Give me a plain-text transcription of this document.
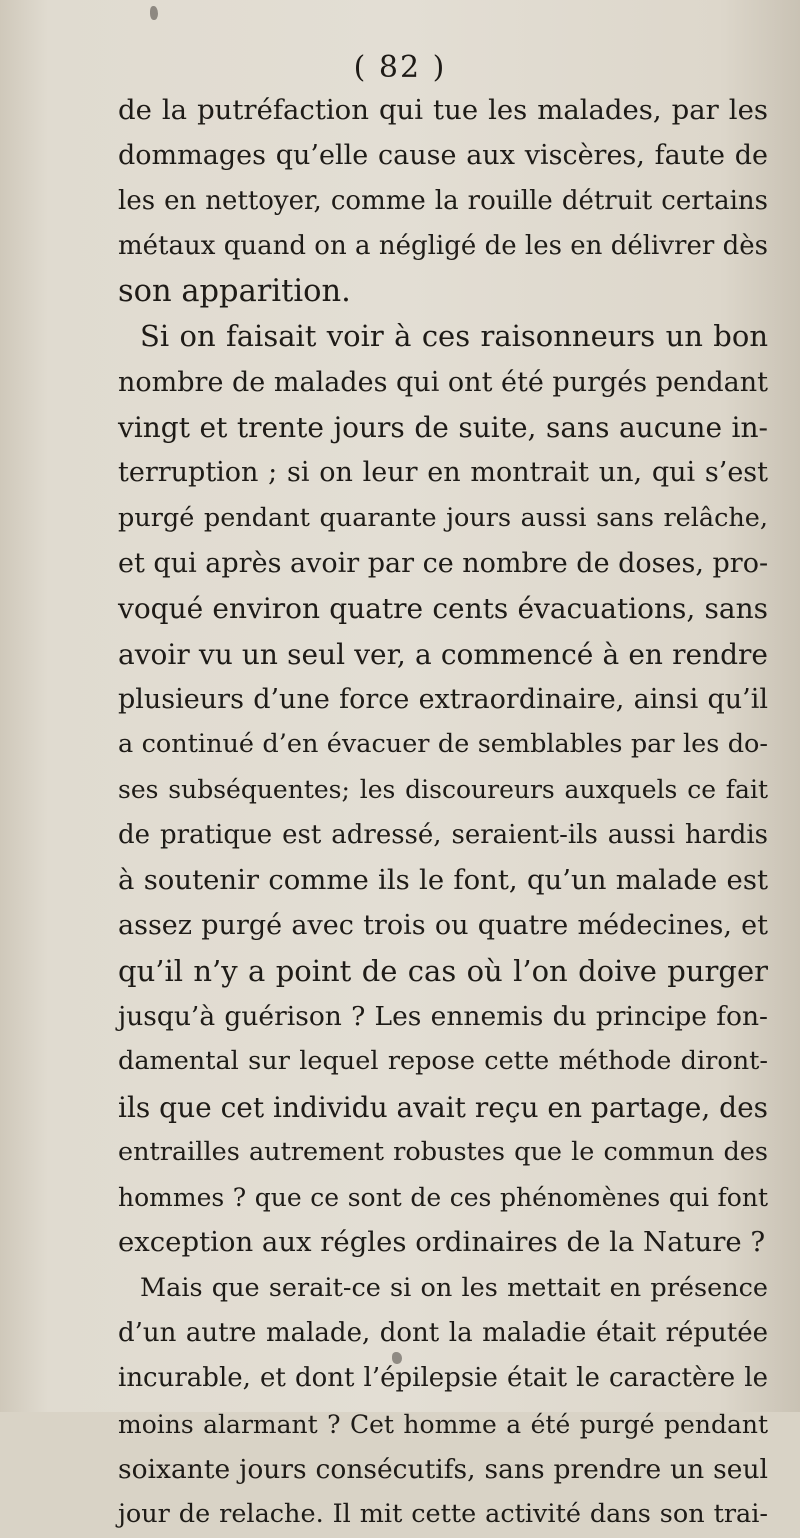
( 82 )
de la putréfaction qui tue les malades, par les
dommages qu’elle cause aux viscères, faute de
les en nettoyer, comme la rouille détruit certains
métaux quand on a négligé de les en délivrer dès
son apparition.
Si on faisait voir à ces raisonneurs un bon
nombre de malades qui ont été purgés pendant
vingt et trente jours de suite, sans aucune in-
terruption ; si on leur en montrait un, qui s’est
purgé pendant quarante jours aussi sans relâche,
et qui après avoir par ce nombre de doses, pro-
voqué environ quatre cents évacuations, sans
avoir vu un seul ver, a commencé à en rendre
plusieurs d’une force extraordinaire, ainsi qu’il
a continué d’en évacuer de semblables par les do-
ses subséquentes; les discoureurs auxquels ce fait
de pratique est adressé, seraient-ils aussi hardis
à soutenir comme ils le font, qu’un malade est
assez purgé avec trois ou quatre médecines, et
qu’il n’y a point de cas où l’on doive purger
jusqu’à guérison ? Les ennemis du principe fon-
damental sur lequel repose cette méthode diront-
ils que cet individu avait reçu en partage, des
entrailles autrement robustes que le commun des
hommes ? que ce sont de ces phénomènes qui font
exception aux régles ordinaires de la Nature ?
Mais que serait-ce si on les mettait en présence
d’un autre malade, dont la maladie était réputée
incurable, et dont l’épilepsie était le caractère le
moins alarmant ? Cet homme a été purgé pendant
soixante jours consécutifs, sans prendre un seul
jour de relache. Il mit cette activité dans son trai-
